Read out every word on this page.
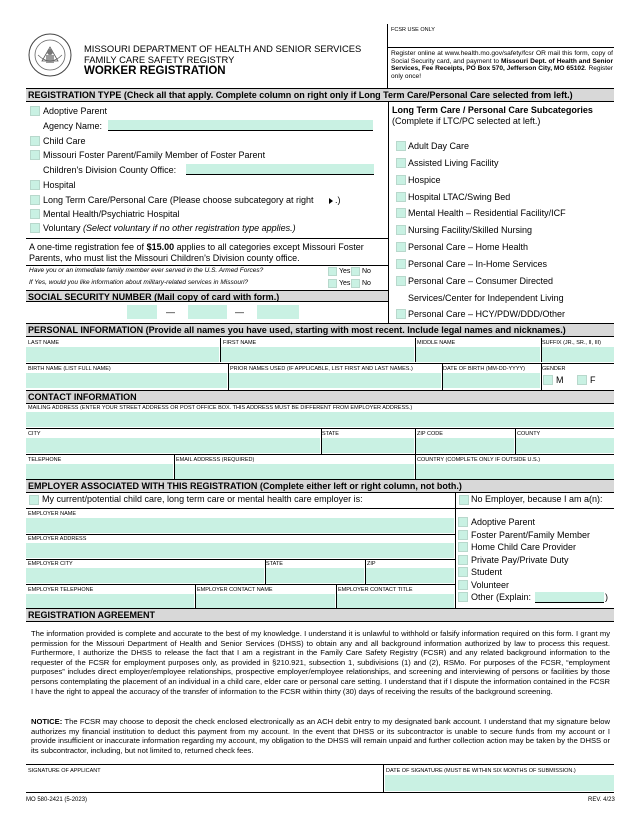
MISSOURI DEPARTMENT OF HEALTH AND SENIOR SERVICES
FAMILY CARE SAFETY REGISTRY
WORKER REGISTRATION
FCSR USE ONLY
Register online at www.health.mo.gov/safety/fcsr OR mail this form, copy of Social Security card, and payment to Missouri Dept. of Health and Senior Services, Fee Receipts, PO Box 570, Jefferson City, MO 65102. Register only once!
REGISTRATION TYPE (Check all that apply. Complete column on right only if Long Term Care/Personal Care selected from left.)
Adoptive Parent
Agency Name:
Child Care
Missouri Foster Parent/Family Member of Foster Parent
Children's Division County Office:
Hospital
Long Term Care/Personal Care (Please choose subcategory at right .)
Mental Health/Psychiatric Hospital
Voluntary (Select voluntary if no other registration type applies.)
A one-time registration fee of $15.00 applies to all categories except Missouri Foster
Parents, who must list the Missouri Children's Division county office.
Have you or an immediate family member ever served in the U.S. Armed Forces?	Yes No
If Yes, would you like information about military-related services in Missouri?	Yes No
Long Term Care / Personal Care Subcategories
(Complete if LTC/PC selected at left.)
Adult Day Care
Assisted Living Facility
Hospice
Hospital LTAC/Swing Bed
Mental Health – Residential Facility/ICF
Nursing Facility/Skilled Nursing
Personal Care – Home Health
Personal Care – In-Home Services
Personal Care – Consumer Directed
Services/Center for Independent Living
Personal Care – HCY/PDW/DDD/Other
SOCIAL SECURITY NUMBER (Mail copy of card with form.)
—	—
PERSONAL INFORMATION (Provide all names you have used, starting with most recent. Include legal names and nicknames.)
LAST NAME	FIRST NAME	MIDDLE NAME	SUFFIX (JR., SR., II, III)
BIRTH NAME (LIST FULL NAME)	PRIOR NAMES USED (IF APPLICABLE, LIST FIRST AND LAST NAMES.)	DATE OF BIRTH (MM-DD-YYYY)	GENDER
M	F
CONTACT INFORMATION
MAILING ADDRESS (ENTER YOUR STREET ADDRESS OR POST OFFICE BOX. THIS ADDRESS MUST BE DIFFERENT FROM EMPLOYER ADDRESS.)
CITY	STATE	ZIP CODE	COUNTY
TELEPHONE	EMAIL ADDRESS (REQUIRED)	COUNTRY (COMPLETE ONLY IF OUTSIDE U.S.)
EMPLOYER ASSOCIATED WITH THIS REGISTRATION (Complete either left or right column, not both.)
My current/potential child care, long term care or mental health care employer is:	No Employer, because I am a(n):
EMPLOYER NAME
EMPLOYER ADDRESS
EMPLOYER CITY	STATE	ZIP
EMPLOYER TELEPHONE	EMPLOYER CONTACT NAME	EMPLOYER CONTACT TITLE
Adoptive Parent
Foster Parent/Family Member
Home Child Care Provider
Private Pay/Private Duty
Student
Volunteer
Other (Explain:	)
REGISTRATION AGREEMENT
The information provided is complete and accurate to the best of my knowledge. I understand it is unlawful to withhold or falsify information required on this form. I grant my permission for the Missouri Department of Health and Senior Services (DHSS) to obtain any and all background information authorized by law to process this request. Furthermore, I authorize the DHSS to release the fact that I am a registrant in the Family Care Safety Registry (FCSR) and any related background information to the requester of the FCSR for employment purposes only, as provided in §210.921, subsection 1, subdivisions (1) and (2), RSMo. For purposes of the FCSR, “employment purposes” includes direct employer/employee relationships, prospective employer/employee relationships, and screening and interviewing of persons or facilities by those persons contemplating the placement of an individual in a child care, elder care or personal care setting. I understand that if I dispute the information contained in the FCSR I have the right to appeal the accuracy of the transfer of information to the FCSR within thirty (30) days of receiving the results of the background screening.
NOTICE: The FCSR may choose to deposit the check enclosed electronically as an ACH debit entry to my designated bank account. I understand that my signature below authorizes my financial institution to deduct this payment from my account. In the event that DHSS or its subcontractor is unable to secure funds from my account or I provide insufficient or inaccurate information regarding my account, my obligation to the DHSS will remain unpaid and further collection action may be taken by the DHSS or its subcontractor, including, but not limited to, returned check fees.
SIGNATURE OF APPLICANT	DATE OF SIGNATURE (MUST BE WITHIN SIX MONTHS OF SUBMISSION.)
MO 580-2421 (5-2023)	REV. 4/23
